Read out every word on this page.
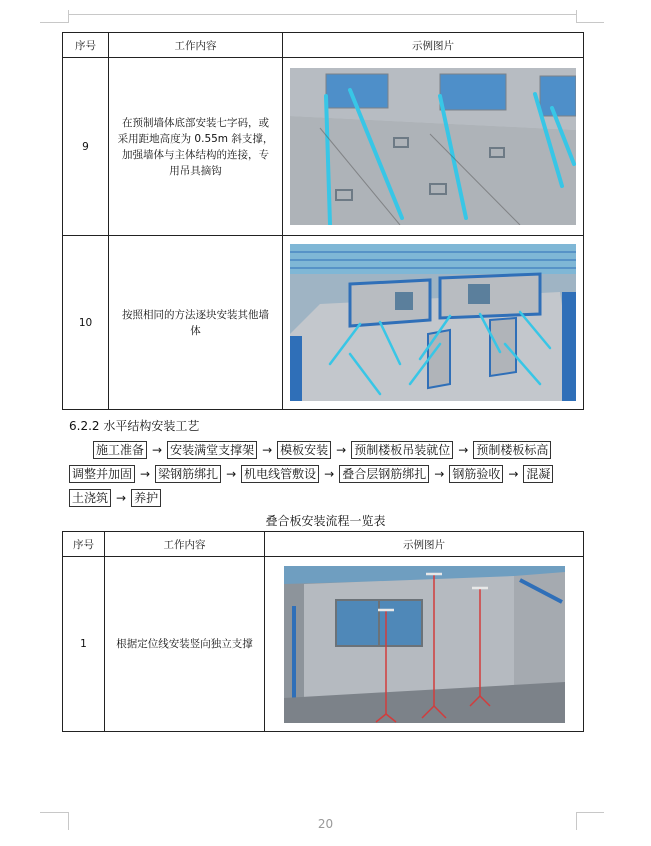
序号	工作内容	示例图片
9	在预制墙体底部安装七字码，或采用距地高度为 0.55m 斜支撑，加强墙体与主体结构的连接，专用吊具摘钩

10	按照相同的方法逐块安装其他墙体

6.2.2 水平结构安装工艺
施工准备 → 安装满堂支撑架 → 模板安装 → 预制楼板吊装就位 → 预制楼板标高
调整并加固 → 梁钢筋绑扎 → 机电线管敷设 → 叠合层钢筋绑扎 → 钢筋验收 → 混凝
土浇筑 → 养护
叠合板安装流程一览表
序号	工作内容	示例图片
1	根据定位线安装竖向独立支撑

20
